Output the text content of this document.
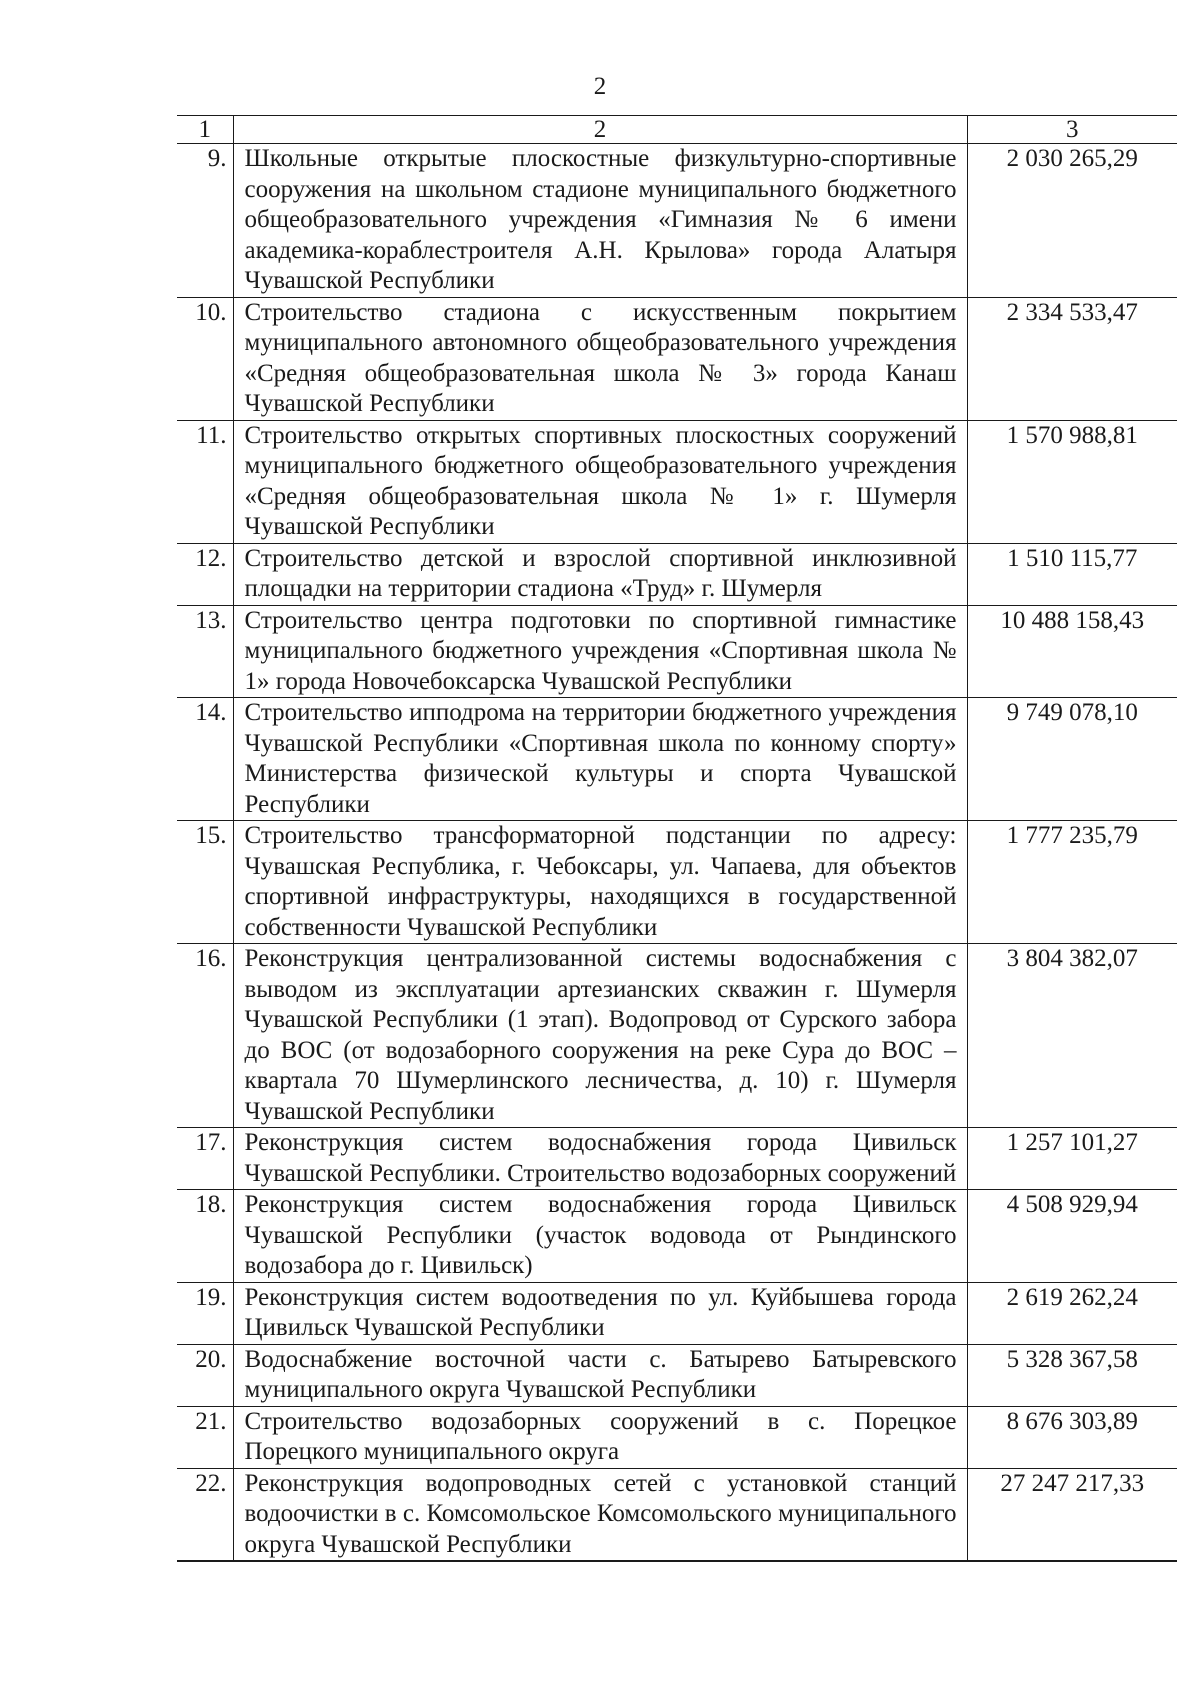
2
1	2	3
9.	Школьные открытые плоскостные физкультурно-спортивные сооружения на школьном стадионе муниципального бюджетного общеобразовательного учреждения «Гимназия № 6 имени академика-кораблестроителя А.Н. Крылова» города Алатыря Чувашской Республики	2 030 265,29
10.	Строительство стадиона с искусственным покрытием муниципального автономного общеобразовательного учреждения «Средняя общеобразовательная школа № 3» города Канаш Чувашской Республики	2 334 533,47
11.	Строительство открытых спортивных плоскостных сооружений муниципального бюджетного общеобразовательного учреждения «Средняя общеобразовательная школа № 1» г. Шумерля Чувашской Республики	1 570 988,81
12.	Строительство детской и взрослой спортивной инклюзивной площадки на территории стадиона «Труд» г. Шумерля	1 510 115,77
13.	Строительство центра подготовки по спортивной гимнастике муниципального бюджетного учреждения «Спортивная школа № 1» города Новочебоксарска Чувашской Республики	10 488 158,43
14.	Строительство ипподрома на территории бюджетного учреждения Чувашской Республики «Спортивная школа по конному спорту» Министерства физической культуры и спорта Чувашской Республики	9 749 078,10
15.	Строительство трансформаторной подстанции по адресу: Чувашская Республика, г. Чебоксары, ул. Чапаева, для объектов спортивной инфраструктуры, находящихся в государственной собственности Чувашской Республики	1 777 235,79
16.	Реконструкция централизованной системы водоснабжения с выводом из эксплуатации артезианских скважин г. Шумерля Чувашской Республики (1 этап). Водопровод от Сурского забора до ВОС (от водозаборного сооружения на реке Сура до ВОС – квартала 70 Шумерлинского лесничества, д. 10) г. Шумерля Чувашской Республики	3 804 382,07
17.	Реконструкция систем водоснабжения города Цивильск Чувашской Республики. Строительство водозаборных сооружений	1 257 101,27
18.	Реконструкция систем водоснабжения города Цивильск Чувашской Республики (участок водовода от Рындинского водозабора до г. Цивильск)	4 508 929,94
19.	Реконструкция систем водоотведения по ул. Куйбышева города Цивильск Чувашской Республики	2 619 262,24
20.	Водоснабжение восточной части с. Батырево Батыревского муниципального округа Чувашской Республики	5 328 367,58
21.	Строительство водозаборных сооружений в с. Порецкое Порецкого муниципального округа	8 676 303,89
22.	Реконструкция водопроводных сетей с установкой станций водоочистки в с. Комсомольское Комсомольского муниципального округа Чувашской Республики	27 247 217,33
